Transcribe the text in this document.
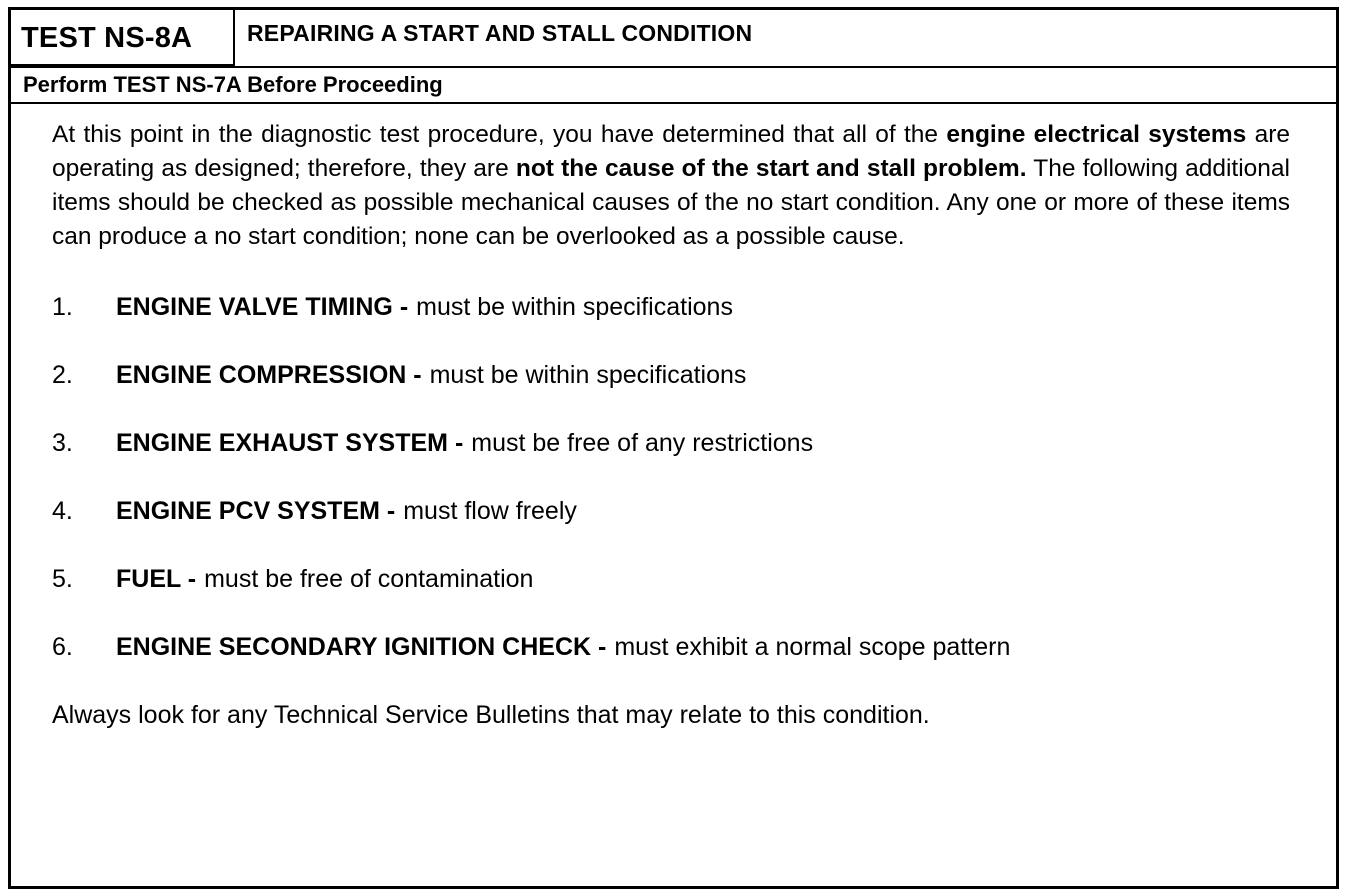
TEST NS-8A	REPAIRING A START AND STALL CONDITION
Perform TEST NS-7A Before Proceeding

At this point in the diagnostic test procedure, you have determined that all of the engine electrical systems are operating as designed; therefore, they are not the cause of the start and stall problem. The following additional items should be checked as possible mechanical causes of the no start condition. Any one or more of these items can produce a no start condition; none can be overlooked as a possible cause.

1.	ENGINE VALVE TIMING - must be within specifications
2.	ENGINE COMPRESSION - must be within specifications
3.	ENGINE EXHAUST SYSTEM - must be free of any restrictions
4.	ENGINE PCV SYSTEM - must flow freely
5.	FUEL - must be free of contamination
6.	ENGINE SECONDARY IGNITION CHECK - must exhibit a normal scope pattern

Always look for any Technical Service Bulletins that may relate to this condition.
